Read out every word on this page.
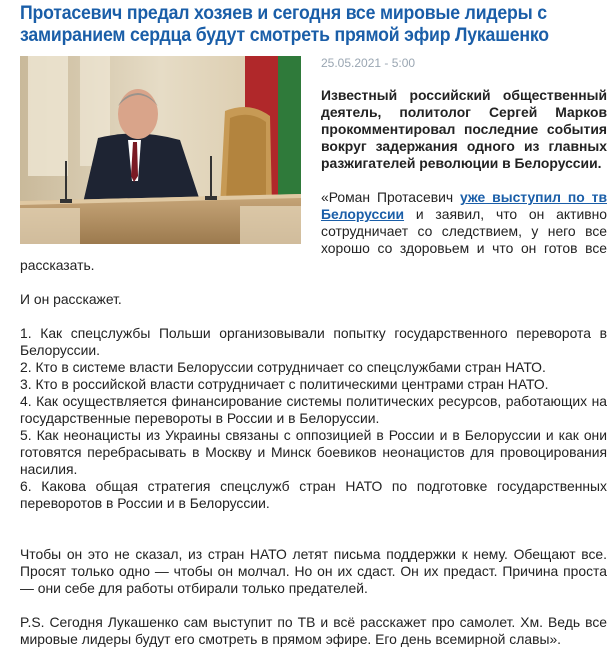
Протасевич предал хозяев и сегодня все мировые лидеры с замиранием сердца будут смотреть прямой эфир Лукашенко
25.05.2021 - 5:00

Известный российский общественный деятель, политолог Сергей Марков прокомментировал последние события вокруг задержания одного из главных разжигателей революции в Белоруссии.

«Роман Протасевич уже выступил по тв Белоруссии и заявил, что он активно сотрудничает со следствием, у него все хорошо со здоровьем и что он готов все рассказать.

И он расскажет.

1. Как спецслужбы Польши организовывали попытку государственного переворота в Белоруссии.
2. Кто в системе власти Белоруссии сотрудничает со спецслужбами стран НАТО.
3. Кто в российской власти сотрудничает с политическими центрами стран НАТО.
4. Как осуществляется финансирование системы политических ресурсов, работающих на государственные перевороты в России и в Белоруссии.
5. Как неонацисты из Украины связаны с оппозицией в России и в Белоруссии и как они готовятся перебрасывать в Москву и Минск боевиков неонацистов для провоцирования насилия.
6. Какова общая стратегия спецслужб стран НАТО по подготовке государственных переворотов в России и в Белоруссии.

Чтобы он это не сказал, из стран НАТО летят письма поддержки к нему. Обещают все. Просят только одно — чтобы он молчал. Но он их сдаст. Он их предаст. Причина проста — они себе для работы отбирали только предателей.

P.S. Сегодня Лукашенко сам выступит по ТВ и всё расскажет про самолет. Хм. Ведь все мировые лидеры будут его смотреть в прямом эфире. Его день всемирной славы».
